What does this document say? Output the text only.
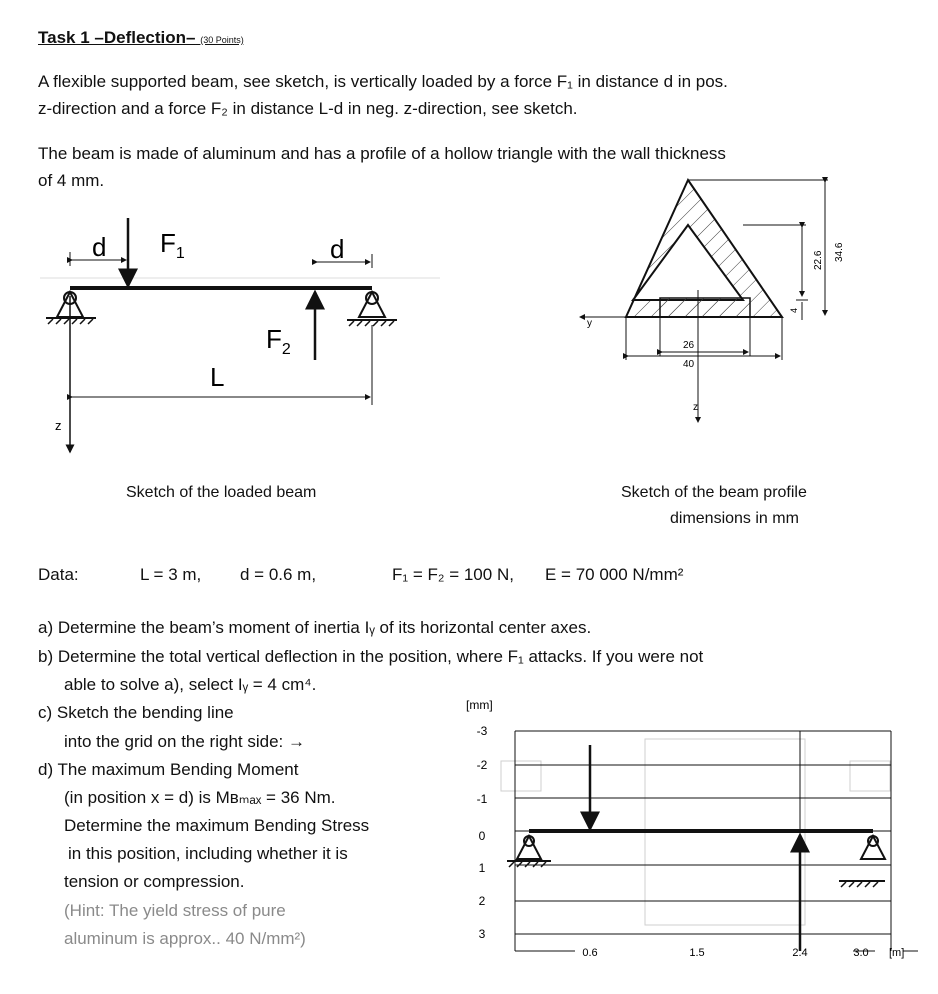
Task 1 –Deflection– (30 Points)
A flexible supported beam, see sketch, is vertically loaded by a force F₁ in distance d in pos.
z-direction and a force F₂ in distance L-d in neg. z-direction, see sketch.
The beam is made of aluminum and has a profile of a hollow triangle with the wall thickness
of 4 mm.
d $F_1$	d
$F_2$
L
z
Sketch of the loaded beam
26
40
y
z
22.6 34.6
4
Sketch of the beam profile
dimensions in mm
Data:	L = 3 m, d = 0.6 m,	F₁ = F₂ = 100 N, E = 70 000 N/mm²
a) Determine the beam’s moment of inertia Iᵧ of its horizontal center axes.
b) Determine the total vertical deflection in the position, where F₁ attacks. If you were not
able to solve a), select Iᵧ = 4 cm⁴.
c) Sketch the bending line
into the grid on the right side: →
d) The maximum Bending Moment
(in position x = d) is Mʙₘₐₓ = 36 Nm.
Determine the maximum Bending Stress
in this position, including whether it is
tension or compression.
(Hint: The yield stress of pure
aluminum is approx.. 40 N/mm²)
[mm]
-3
-2
-1
0
1
2
3
0.6	1.5	2.4	3.0 [m]
